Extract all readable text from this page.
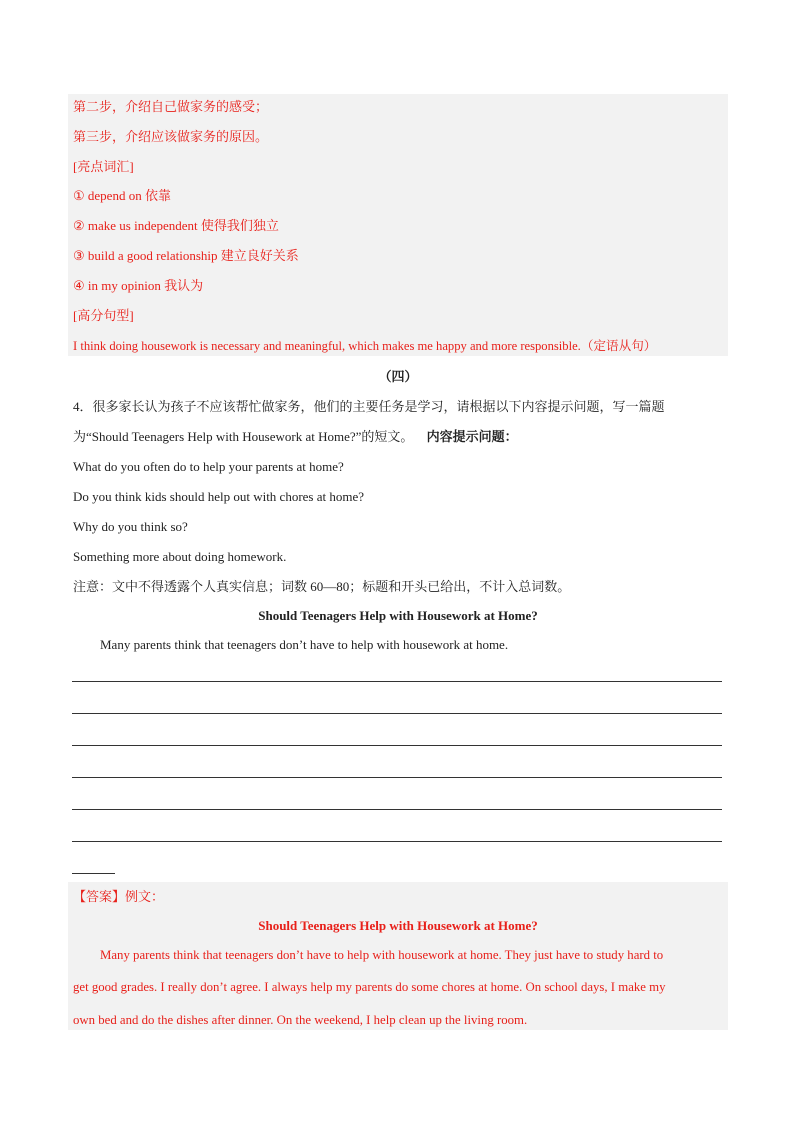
第二步，介绍自己做家务的感受；
第三步，介绍应该做家务的原因。
[亮点词汇]
① depend on 依靠
② make us independent 使得我们独立
③ build a good relationship 建立良好关系
④ in my opinion 我认为
[高分句型]
I think doing housework is necessary and meaningful, which makes me happy and more responsible.（定语从句）
（四）
4．很多家长认为孩子不应该帮忙做家务，他们的主要任务是学习，请根据以下内容提示问题，写一篇题
为“Should Teenagers Help with Housework at Home?”的短文。 内容提示问题：
What do you often do to help your parents at home?
Do you think kids should help out with chores at home?
Why do you think so?
Something more about doing homework.
注意：文中不得透露个人真实信息；词数 60—80；标题和开头已给出，不计入总词数。
Should Teenagers Help with Housework at Home?
Many parents think that teenagers don’t have to help with housework at home.
【答案】例文：
Should Teenagers Help with Housework at Home?
Many parents think that teenagers don’t have to help with housework at home. They just have to study hard to
get good grades. I really don’t agree. I always help my parents do some chores at home. On school days, I make my
own bed and do the dishes after dinner. On the weekend, I help clean up the living room.
